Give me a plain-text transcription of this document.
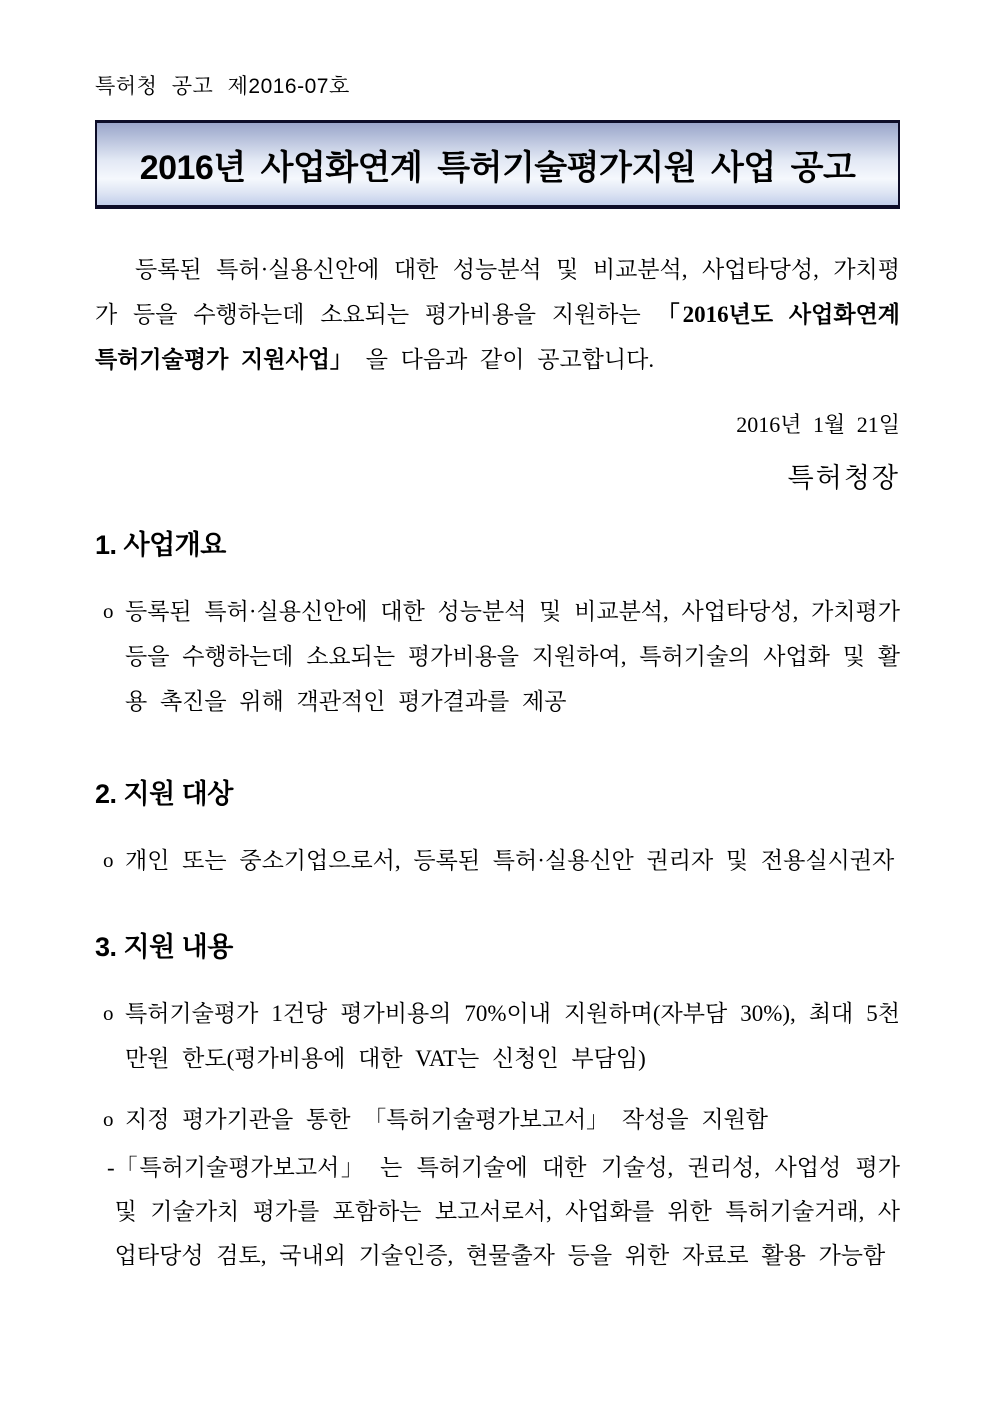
특허청 공고 제2016-07호
2016년 사업화연계 특허기술평가지원 사업 공고

등록된 특허·실용신안에 대한 성능분석 및 비교분석, 사업타당성, 가치평가 등을 수행하는데 소요되는 평가비용을 지원하는 「2016년도 사업화연계 특허기술평가 지원사업」 을 다음과 같이 공고합니다.

2016년 1월 21일
특허청장
1. 사업개요
o 등록된 특허·실용신안에 대한 성능분석 및 비교분석, 사업타당성, 가치평가 등을 수행하는데 소요되는 평가비용을 지원하여, 특허기술의 사업화 및 활용 촉진을 위해 객관적인 평가결과를 제공
2. 지원 대상
o 개인 또는 중소기업으로서, 등록된 특허·실용신안 권리자 및 전용실시권자
3. 지원 내용
o 특허기술평가 1건당 평가비용의 70%이내 지원하며(자부담 30%), 최대 5천만원 한도(평가비용에 대한 VAT는 신청인 부담임)
o 지정 평가기관을 통한 「특허기술평가보고서」 작성을 지원함
- 「특허기술평가보고서」 는 특허기술에 대한 기술성, 권리성, 사업성 평가 및 기술가치 평가를 포함하는 보고서로서, 사업화를 위한 특허기술거래, 사업타당성 검토, 국내외 기술인증, 현물출자 등을 위한 자료로 활용 가능함
